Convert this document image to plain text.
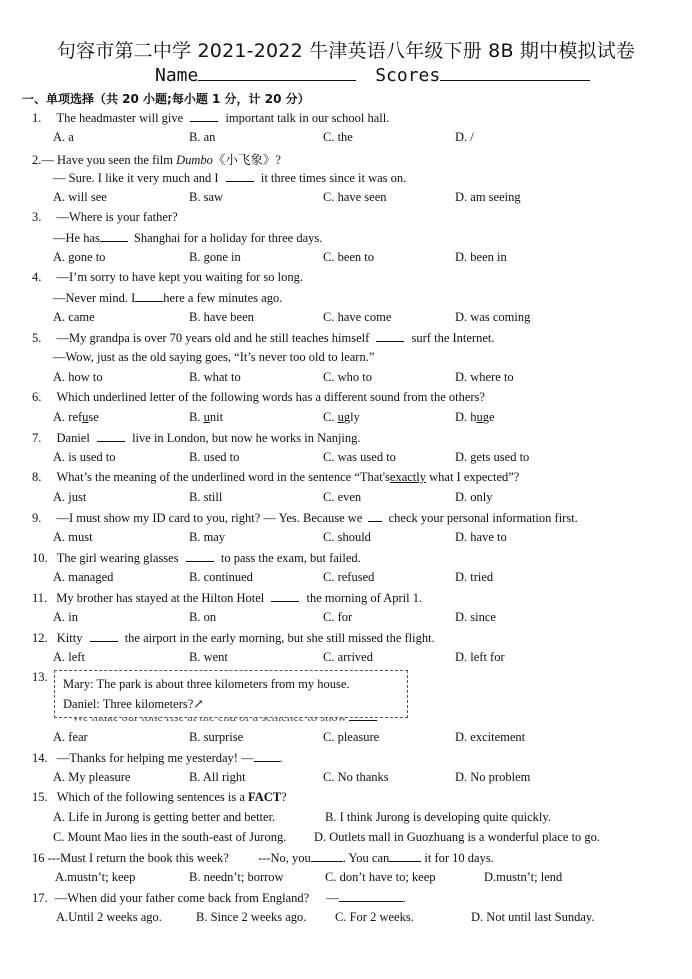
句容市第二中学 2021-2022 牛津英语八年级下册 8B 期中模拟试卷
Name	Scores
一、单项选择（共 20 小题;每小题 1 分，计 20 分）
1. The headmaster will give	important talk in our school hall.
A. a	B. an	C. the	D. /
2.— Have you seen the film Dumbo《小飞象》?
— Sure. I like it very much and I	it three times since it was on.
A. will see	B. saw	C. have seen	D. am seeing
3. —Where is your father?
—He has	Shanghai for a holiday for three days.
A. gone to	B. gone in	C. been to	D. been in
4. —I’m sorry to have kept you waiting for so long.
—Never mind. I here a few minutes ago.
A. came	B. have been	C. have come	D. was coming
5. —My grandpa is over 70 years old and he still teaches himself	surf the Internet.
—Wow, just as the old saying goes, “It’s never too old to learn.”
A. how to	B. what to	C. who to	D. where to
6. Which underlined letter of the following words has a different sound from the others?
A. refuse	B. unit	C. ugly	D. huge
7. Daniel	live in London, but now he works in Nanjing.
A. is used to	B. used to	C. was used to	D. gets used to
8. What’s the meaning of the underlined word in the sentence “That'sexactly what I expected”?
A. just	B. still	C. even	D. only
9. —I must show my ID card to you, right? — Yes. Because we check your personal information first.
A. must	B. may	C. should	D. have to
10. The girl wearing glasses	to pass the exam, but failed.
A. managed	B. continued	C. refused	D. tried
11. My brother has stayed at the Hilton Hotel	the morning of April 1.
A. in	B. on	C. for	D. since
12. Kitty	the airport in the early morning, but she still missed the flight.
A. left	B. went	C. arrived	D. left for
13. Mary: The park is about three kilometers from my house.
Daniel: Three kilometers?↗
A. fear	B. surprise	C. pleasure	D. excitement
14. —Thanks for helping me yesterday! — .
A. My pleasure	B. All right	C. No thanks	D. No problem
15. Which of the following sentences is a FACT?
A. Life in Jurong is getting better and better.	B. I think Jurong is developing quite quickly.
C. Mount Mao lies in the south-east of Jurong. D. Outlets mall in Guozhuang is a wonderful place to go.
16 ---Must I return the book this week? ---No, you	. You can	it for 10 days.
A.mustn’t; keep	B. needn’t; borrow	C. don’t have to; keep	D.mustn’t; lend
17. —When did your father come back from England? —	.
A.Until 2 weeks ago.	B. Since 2 weeks ago. C. For 2 weeks.	D. Not until last Sunday.
